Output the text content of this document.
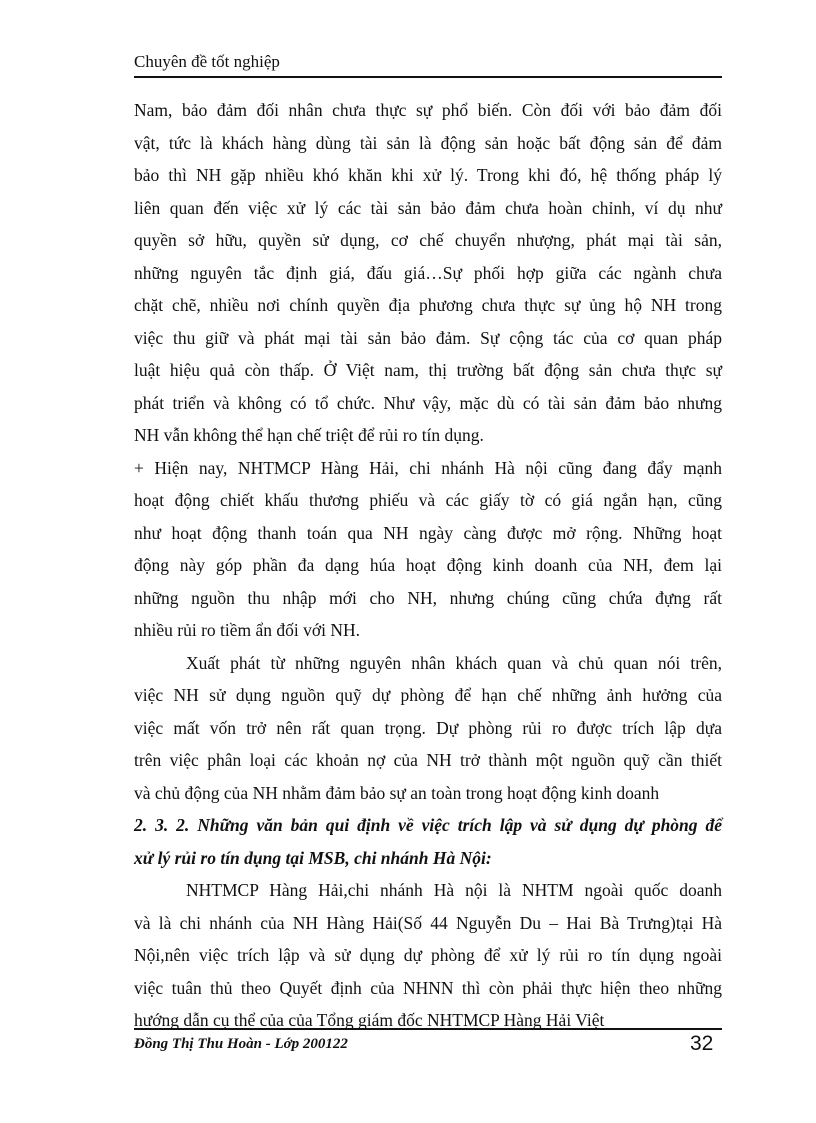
Chuyên đề tốt nghiệp
Nam, bảo đảm đối nhân chưa thực sự phổ biến. Còn đối với bảo đảm đối
vật, tức là khách hàng dùng tài sản là động sản hoặc bất động sản để đảm
bảo thì NH gặp nhiều khó khăn khi xử lý. Trong khi đó, hệ thống pháp lý
liên quan đến việc xử lý các tài sản bảo đảm chưa hoàn chỉnh, ví dụ như
quyền sở hữu, quyền sử dụng, cơ chế chuyển nhượng, phát mại tài sản,
những nguyên tắc định giá, đấu giá…Sự phối hợp giữa các ngành chưa
chặt chẽ, nhiều nơi chính quyền địa phương chưa thực sự ủng hộ NH trong
việc thu giữ và phát mại tài sản bảo đảm. Sự cộng tác của cơ quan pháp
luật hiệu quả còn thấp. Ở Việt nam, thị trường bất động sản chưa thực sự
phát triển và không có tổ chức. Như vậy, mặc dù có tài sản đảm bảo nhưng
NH vẫn không thể hạn chế triệt để rủi ro tín dụng.
+ Hiện nay, NHTMCP Hàng Hải, chi nhánh Hà nội cũng đang đẩy mạnh
hoạt động chiết khấu thương phiếu và các giấy tờ có giá ngắn hạn, cũng
như hoạt động thanh toán qua NH ngày càng được mở rộng. Những hoạt
động này góp phần đa dạng húa hoạt động kinh doanh của NH, đem lại
những nguồn thu nhập mới cho NH, nhưng chúng cũng chứa đựng rất
nhiều rủi ro tiềm ẩn đối với NH.
Xuất phát từ những nguyên nhân khách quan và chủ quan nói trên,
việc NH sử dụng nguồn quỹ dự phòng để hạn chế những ảnh hưởng của
việc mất vốn trở nên rất quan trọng. Dự phòng rủi ro được trích lập dựa
trên việc phân loại các khoản nợ của NH trở thành một nguồn quỹ cần thiết
và chủ động của NH nhằm đảm bảo sự an toàn trong hoạt động kinh doanh
2. 3. 2. Những văn bản qui định về việc trích lập và sử dụng dự phòng để
xử lý rủi ro tín dụng tại MSB, chi nhánh Hà Nội:
NHTMCP Hàng Hải,chi nhánh Hà nội là NHTM ngoài quốc doanh
và là chi nhánh của NH Hàng Hải(Số 44 Nguyễn Du – Hai Bà Trưng)tại Hà
Nội,nên việc trích lập và sử dụng dự phòng để xử lý rủi ro tín dụng ngoài
việc tuân thủ theo Quyết định của NHNN thì còn phải thực hiện theo những
hướng dẫn cụ thể của của Tổng giám đốc NHTMCP Hàng Hải Việt
Đồng Thị Thu Hoàn - Lớp 200122	32
